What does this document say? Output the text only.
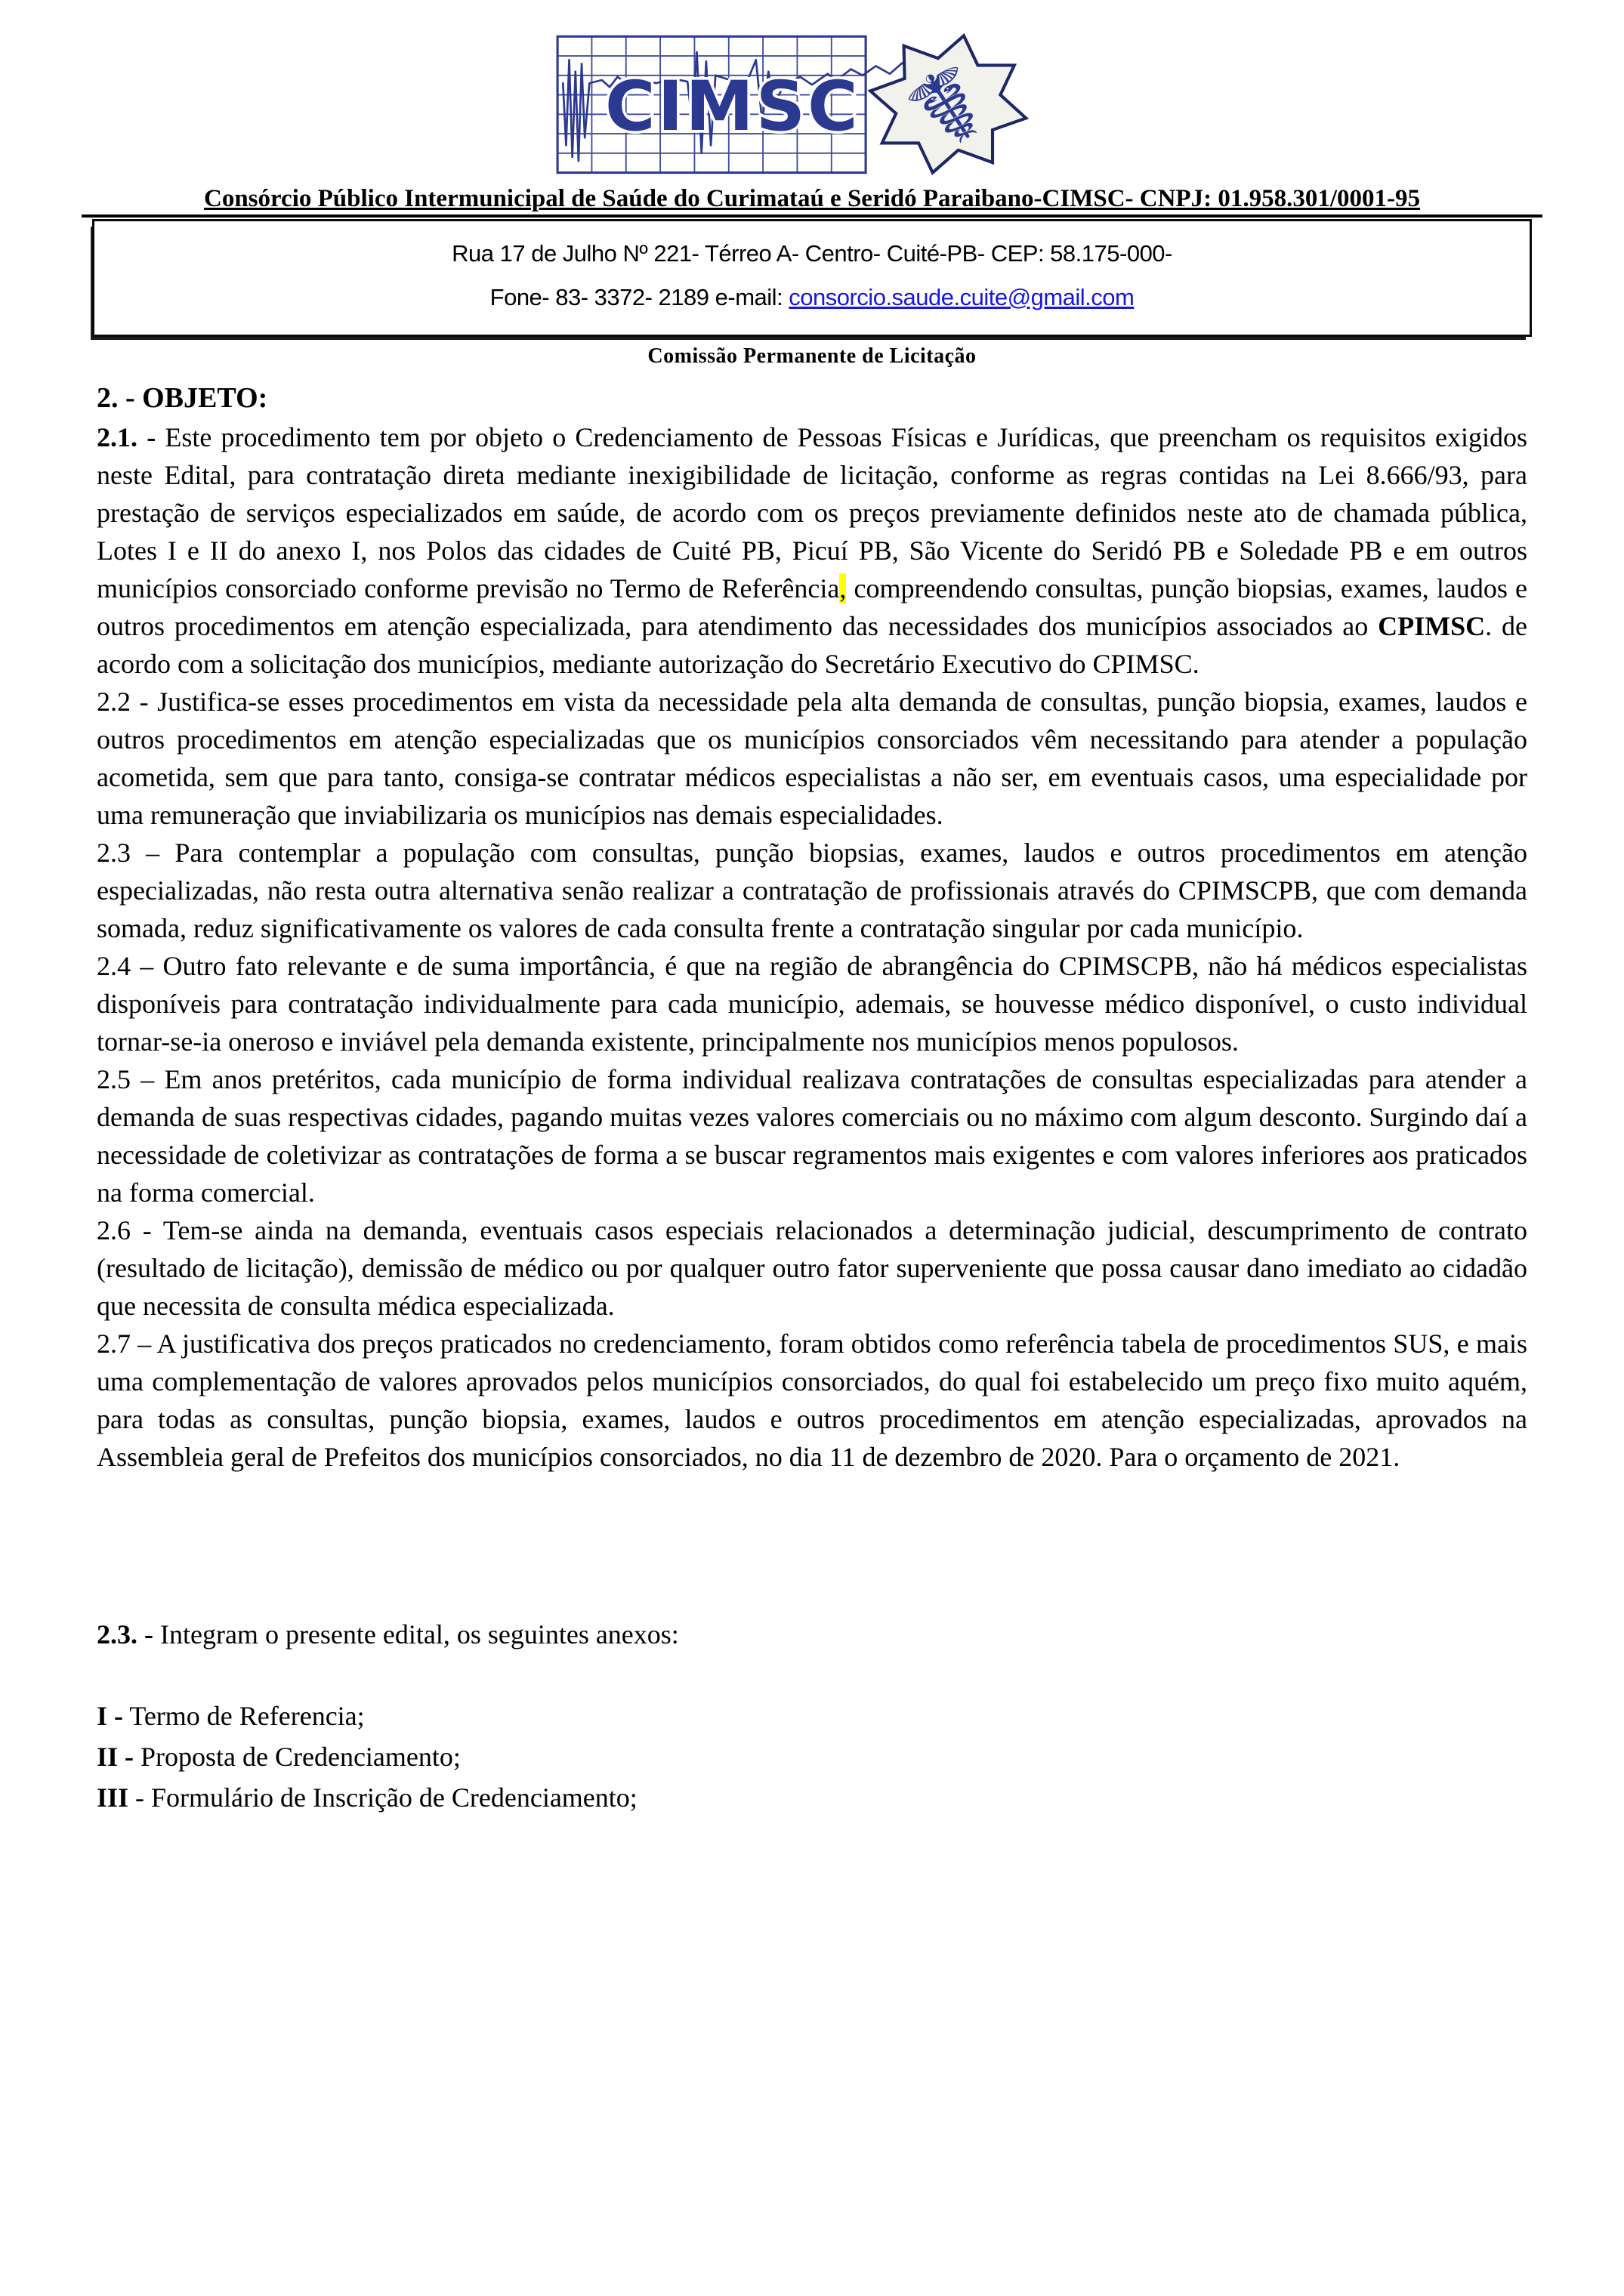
☤
CIMSC
Consórcio Público Intermunicipal de Saúde do Curimataú e Seridó Paraibano-CIMSC- CNPJ: 01.958.301/0001-95
Rua 17 de Julho Nº 221- Térreo A- Centro- Cuité-PB- CEP: 58.175-000-
Fone- 83- 3372- 2189 e-mail: consorcio.saude.cuite@gmail.com
Comissão Permanente de Licitação
2. - OBJETO:

2.1. - Este procedimento tem por objeto o Credenciamento de Pessoas Físicas e Jurídicas, que preencham os requisitos exigidos neste Edital, para contratação direta mediante inexigibilidade de licitação, conforme as regras contidas na Lei 8.666/93, para prestação de serviços especializados em saúde, de acordo com os preços previamente definidos neste ato de chamada pública, Lotes I e II do anexo I, nos Polos das cidades de Cuité PB, Picuí PB, São Vicente do Seridó PB e Soledade PB e em outros municípios consorciado conforme previsão no Termo de Referência, compreendendo consultas, punção biopsias, exames, laudos e outros procedimentos em atenção especializada, para atendimento das necessidades dos municípios associados ao CPIMSC. de acordo com a solicitação dos municípios, mediante autorização do Secretário Executivo do CPIMSC.

2.2 - Justifica-se esses procedimentos em vista da necessidade pela alta demanda de consultas, punção biopsia, exames, laudos e outros procedimentos em atenção especializadas que os municípios consorciados vêm necessitando para atender a população acometida, sem que para tanto, consiga-se contratar médicos especialistas a não ser, em eventuais casos, uma especialidade por uma remuneração que inviabilizaria os municípios nas demais especialidades.

2.3 – Para contemplar a população com consultas, punção biopsias, exames, laudos e outros procedimentos em atenção especializadas, não resta outra alternativa senão realizar a contratação de profissionais através do CPIMSCPB, que com demanda somada, reduz significativamente os valores de cada consulta frente a contratação singular por cada município.

2.4 – Outro fato relevante e de suma importância, é que na região de abrangência do CPIMSCPB, não há médicos especialistas disponíveis para contratação individualmente para cada município, ademais, se houvesse médico disponível, o custo individual tornar-se-ia oneroso e inviável pela demanda existente, principalmente nos municípios menos populosos.

2.5 – Em anos pretéritos, cada município de forma individual realizava contratações de consultas especializadas para atender a demanda de suas respectivas cidades, pagando muitas vezes valores comerciais ou no máximo com algum desconto. Surgindo daí a necessidade de coletivizar as contratações de forma a se buscar regramentos mais exigentes e com valores inferiores aos praticados na forma comercial.

2.6 - Tem-se ainda na demanda, eventuais casos especiais relacionados a determinação judicial, descumprimento de contrato (resultado de licitação), demissão de médico ou por qualquer outro fator superveniente que possa causar dano imediato ao cidadão que necessita de consulta médica especializada.

2.7 – A justificativa dos preços praticados no credenciamento, foram obtidos como referência tabela de procedimentos SUS, e mais uma complementação de valores aprovados pelos municípios consorciados, do qual foi estabelecido um preço fixo muito aquém, para todas as consultas, punção biopsia, exames, laudos e outros procedimentos em atenção especializadas, aprovados na Assembleia geral de Prefeitos dos municípios consorciados, no dia 11 de dezembro de 2020. Para o orçamento de 2021.

2.3. - Integram o presente edital, os seguintes anexos:

I - Termo de Referencia;

II - Proposta de Credenciamento;

III - Formulário de Inscrição de Credenciamento;
